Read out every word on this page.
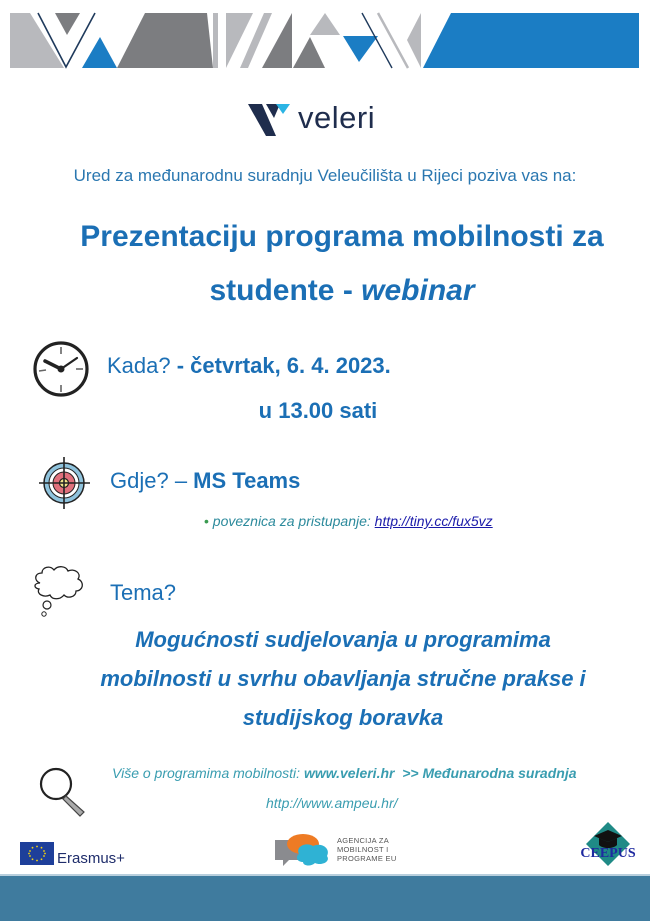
veleri
Ured za međunarodnu suradnju Veleučilišta u Rijeci poziva vas na:
Prezentaciju programa mobilnosti za
studente - webinar
Kada? - četvrtak, 6. 4. 2023.
u 13.00 sati
Gdje? – MS Teams
• poveznica za pristupanje: http://tiny.cc/fux5vz
Tema?
Mogućnosti sudjelovanja u programima
mobilnosti u svrhu obavljanja stručne prakse i
studijskog boravka
Više o programima mobilnosti: www.veleri.hr  >> Međunarodna suradnja
http://www.ampeu.hr/
Erasmus+
AGENCIJA ZA
MOBILNOST I
PROGRAME EU	CEEPUS
